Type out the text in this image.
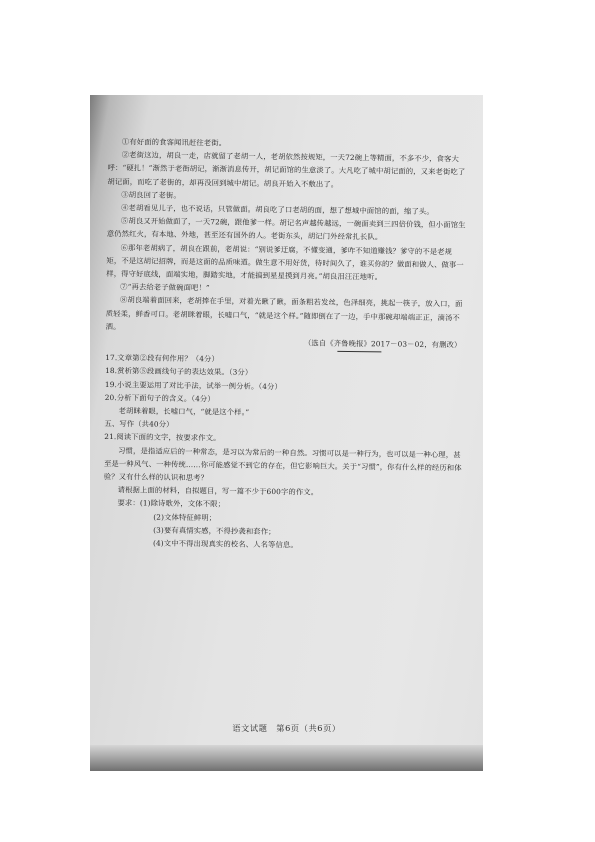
①有好面的食客闻讯赶往老街。
②老街这边，胡良一走，店就留了老胡一人，老胡依然按规矩，一天72碗上等精面，不多不少，食客大呼：“硬扎！”渐然于老街胡记，渐渐消息传开，胡记面馆的生意淡了。大凡吃了城中胡记面的，又来老街吃了胡记面，而吃了老街的，却再没回到城中胡记。胡良开始入不敷出了。
③胡良回了老街。
④老胡看见儿子，也不说话，只管做面。胡良吃了口老胡的面，想了想城中面馆的面，缩了头。
⑤胡良又开始做面了，一天72碗，跟他爹一样。胡记名声越传越远，一碗面卖到三四倍价钱，但小面馆生意仍然红火，有本地、外地，甚至还有国外的人。老街东头，胡记门外经常扎长队。
⑥那年老胡病了，胡良在跟前，老胡说：“别说爹迂腐，不懂变通，爹咋不知道赚钱？爹守的不是老规矩，不是这胡记招牌，而是这面的品质味道。做生意不用好货，待时间久了，谁买你的？做面和做人、做事一样，得守好底线，面端实地，脚踏实地，才能搞到星星摸到月亮。”胡良泪汪汪地听。
⑦“再去给老子做碗面吧！”
⑧胡良端着面回来，老胡捧在手里，对着光瞅了瞅，面条粗若发丝，色泽细亮，挑起一筷子，放入口，面质轻柔，鲜香可口。老胡眯着眼，长嘘口气，“就是这个样。”随即倒在了一边，手中那碗却端端正正，滴汤不洒。
（选自《齐鲁晚报》2017－03－02，有删改）
17.文章第②段有何作用？（4分）
18.赏析第⑤段画线句子的表达效果。（3分）
19.小说主要运用了对比手法，试举一例分析。（4分）
20.分析下面句子的含义。（4分）
老胡眯着眼，长嘘口气，“就是这个样。”
五、写作（共40分）
21.阅读下面的文字，按要求作文。
习惯，是指适应后的一种常态，是习以为常后的一种自然。习惯可以是一种行为，也可以是一种心理，甚至是一种风气、一种传统……你可能感觉不到它的存在，但它影响巨大。关于“习惯”，你有什么样的经历和体验？又有什么样的认识和思考？
请根据上面的材料，自拟题目，写一篇不少于600字的作文。
要求：(1)除诗歌外，文体不限；
(2)文体特征鲜明；
(3)要有真情实感，不得抄袭和套作；
(4)文中不得出现真实的校名、人名等信息。
语文试题　第6页（共6页）
